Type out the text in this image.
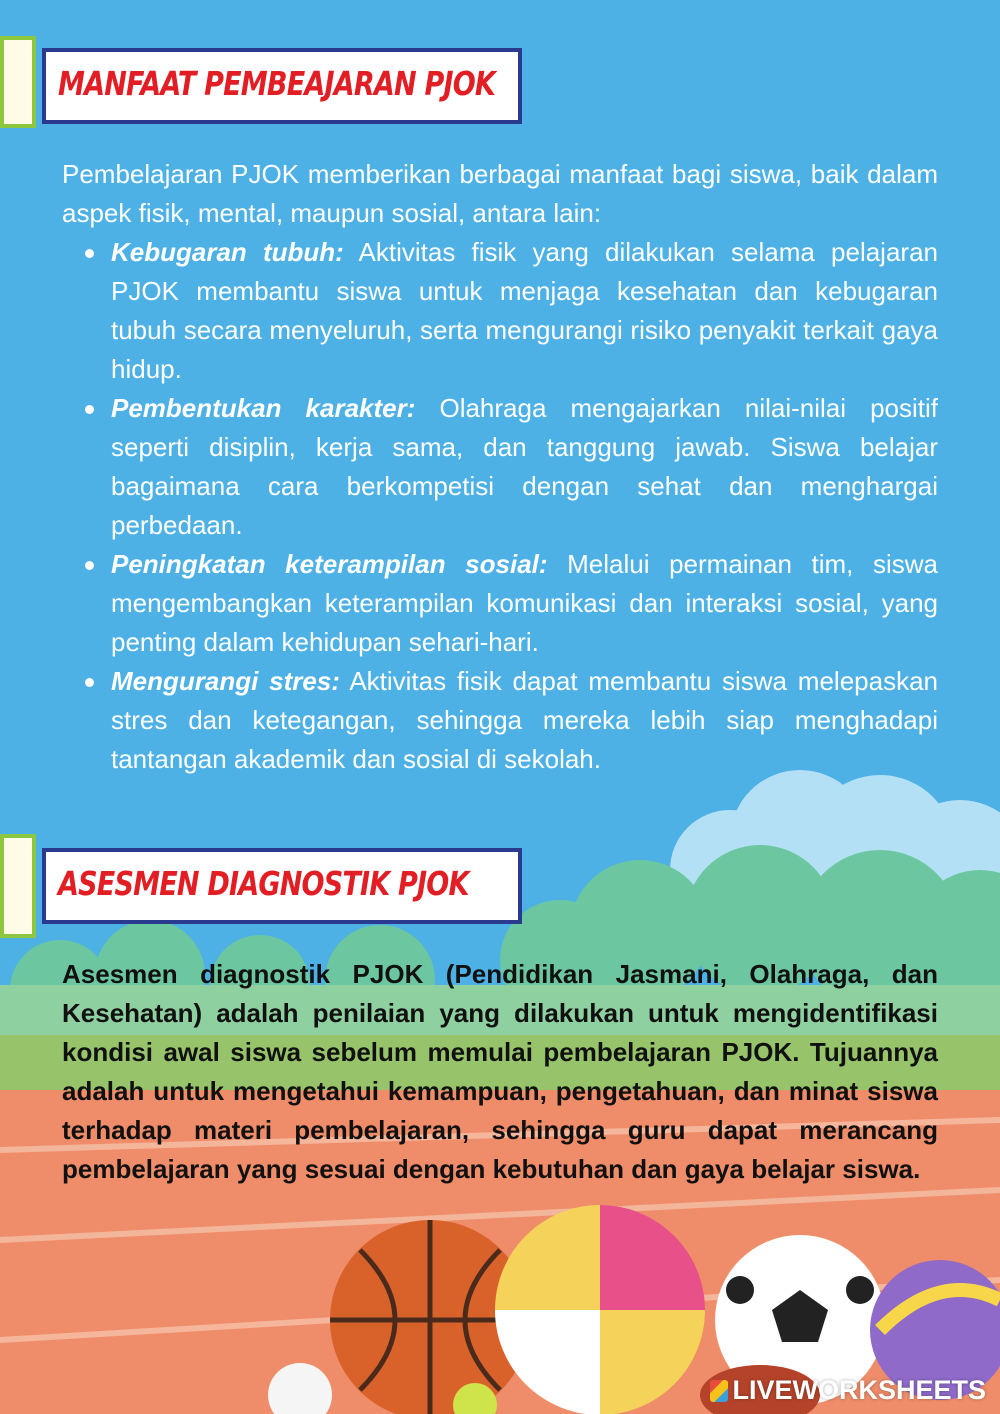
MANFAAT PEMBEAJARAN PJOK
Pembelajaran PJOK memberikan berbagai manfaat bagi siswa, baik dalam aspek fisik, mental, maupun sosial, antara lain:
Kebugaran tubuh: Aktivitas fisik yang dilakukan selama pelajaran PJOK membantu siswa untuk menjaga kesehatan dan kebugaran tubuh secara menyeluruh, serta mengurangi risiko penyakit terkait gaya hidup.
Pembentukan karakter: Olahraga mengajarkan nilai-nilai positif seperti disiplin, kerja sama, dan tanggung jawab. Siswa belajar bagaimana cara berkompetisi dengan sehat dan menghargai perbedaan.
Peningkatan keterampilan sosial: Melalui permainan tim, siswa mengembangkan keterampilan komunikasi dan interaksi sosial, yang penting dalam kehidupan sehari-hari.
Mengurangi stres: Aktivitas fisik dapat membantu siswa melepaskan stres dan ketegangan, sehingga mereka lebih siap menghadapi tantangan akademik dan sosial di sekolah.
ASESMEN DIAGNOSTIK PJOK
Asesmen diagnostik PJOK (Pendidikan Jasmani, Olahraga, dan Kesehatan) adalah penilaian yang dilakukan untuk mengidentifikasi kondisi awal siswa sebelum memulai pembelajaran PJOK. Tujuannya adalah untuk mengetahui kemampuan, pengetahuan, dan minat siswa terhadap materi pembelajaran, sehingga guru dapat merancang pembelajaran yang sesuai dengan kebutuhan dan gaya belajar siswa.
LIVEWORKSHEETS
